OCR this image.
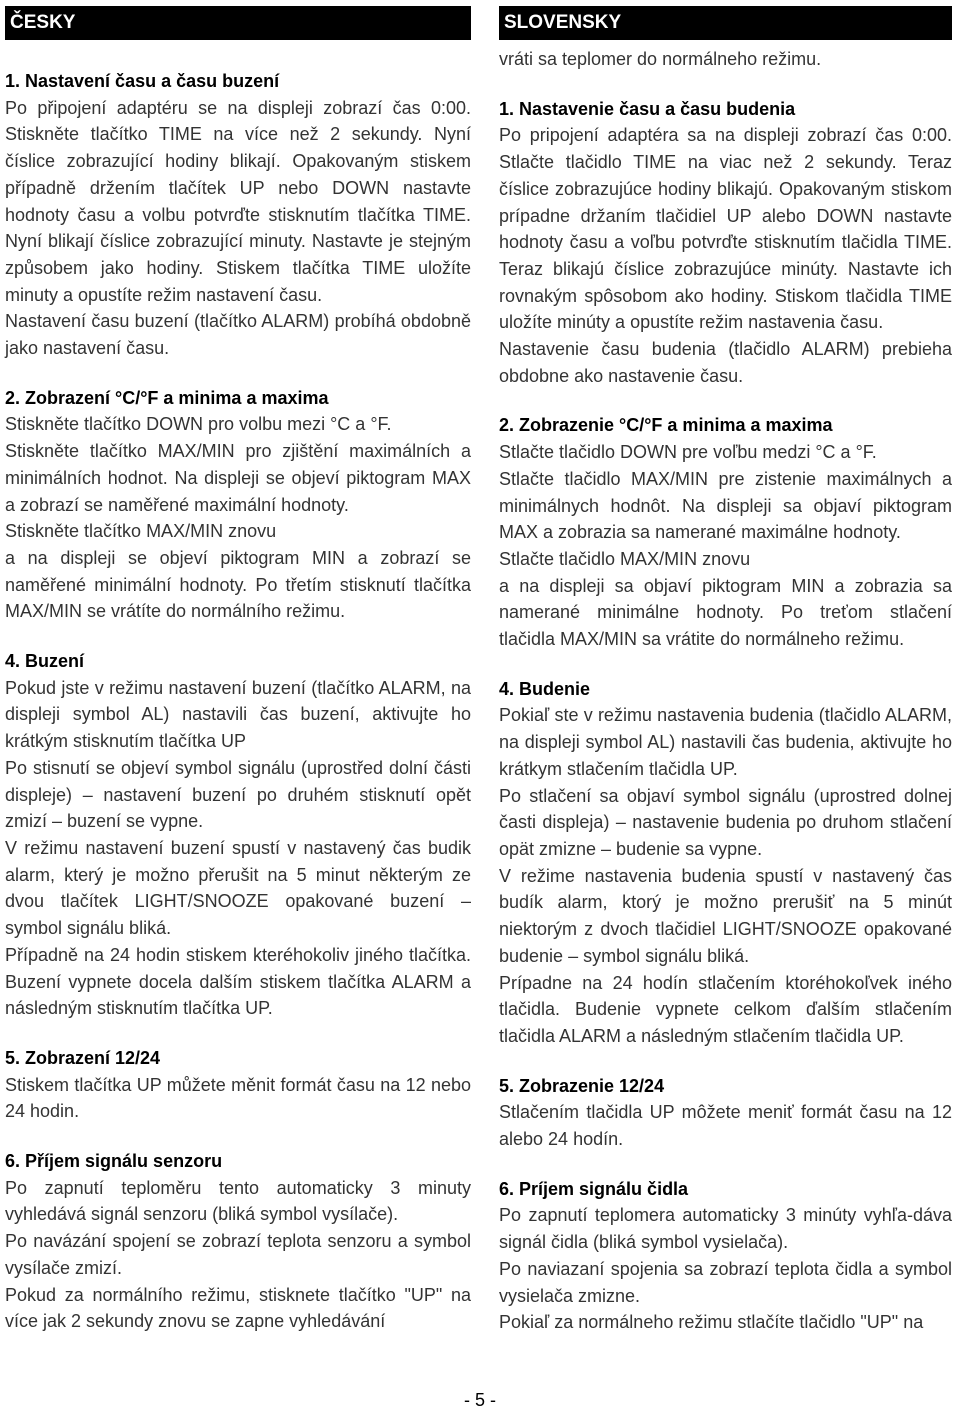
ČESKY
1. Nastavení času a času buzení
Po připojení adaptéru se na displeji zobrazí čas 0:00. Stiskněte tlačítko TIME na více než 2 sekundy. Nyní číslice zobrazující hodiny blikají. Opakovaným stiskem případně držením tlačítek UP nebo DOWN nastavte hodnoty času a volbu potvrďte stisknutím tlačítka TIME. Nyní blikají číslice zobrazující minuty. Nastavte je stejným způsobem jako hodiny. Stiskem tlačítka TIME uložíte minuty a opustíte režim nastavení času.
Nastavení času buzení (tlačítko ALARM) probíhá obdobně jako nastavení času.
2. Zobrazení °C/°F a minima a maxima
Stiskněte tlačítko DOWN pro volbu mezi °C a °F.
Stiskněte tlačítko MAX/MIN pro zjištění maximálních a minimálních hodnot. Na displeji se objeví piktogram MAX a zobrazí se naměřené maximální hodnoty.
Stiskněte tlačítko MAX/MIN znovu
a na displeji se objeví piktogram MIN a zobrazí se naměřené minimální hodnoty. Po třetím stisknutí tlačítka MAX/MIN se vrátíte do normálního režimu.
4. Buzení
Pokud jste v režimu nastavení buzení (tlačítko ALARM, na displeji symbol AL) nastavili čas buzení, aktivujte ho krátkým stisknutím tlačítka UP
Po stisnutí se objeví symbol signálu (uprostřed dolní části displeje) – nastavení buzení po druhém stisknutí opět zmizí – buzení se vypne.
V režimu nastavení buzení spustí v nastavený čas budik alarm, který je možno přerušit na 5 minut některým ze dvou tlačítek LIGHT/SNOOZE opakované buzení – symbol signálu bliká.
Případně na 24 hodin stiskem kteréhokoliv jiného tlačítka. Buzení vypnete docela dalším stiskem tlačítka ALARM a následným stisknutím tlačítka UP.
5. Zobrazení 12/24
Stiskem tlačítka UP můžete měnit formát času na 12 nebo 24 hodin.
6. Příjem signálu senzoru
Po zapnutí teploměru tento automaticky 3 minuty vyhledává signál senzoru (bliká symbol vysílače).
Po navázání spojení se zobrazí teplota senzoru a symbol vysílače zmizí.
Pokud za normálního režimu, stisknete tlačítko "UP" na více jak 2 sekundy znovu se zapne vyhledávání
SLOVENSKY
vráti sa teplomer do normálneho režimu.
1. Nastavenie času a času budenia
Po pripojení adaptéra sa na displeji zobrazí čas 0:00. Stlačte tlačidlo TIME na viac než 2 sekundy. Teraz číslice zobrazujúce hodiny blikajú. Opakovaným stiskom prípadne držaním tlačidiel UP alebo DOWN nastavte hodnoty času a voľbu potvrďte stisknutím tlačidla TIME. Teraz blikajú číslice zobrazujúce minúty. Nastavte ich rovnakým spôsobom ako hodiny. Stiskom tlačidla TIME uložíte minúty a opustíte režim nastavenia času.
Nastavenie času budenia (tlačidlo ALARM) prebieha obdobne ako nastavenie času.
2. Zobrazenie °C/°F a minima a maxima
Stlačte tlačidlo DOWN pre voľbu medzi °C a °F.
Stlačte tlačidlo MAX/MIN pre zistenie maximálnych a minimálnych hodnôt. Na displeji sa objaví piktogram MAX a zobrazia sa namerané maximálne hodnoty.
Stlačte tlačidlo MAX/MIN znovu
a na displeji sa objaví piktogram MIN a zobrazia sa namerané minimálne hodnoty. Po treťom stlačení tlačidla MAX/MIN sa vrátite do normálneho režimu.
4. Budenie
Pokiaľ ste v režimu nastavenia budenia (tlačidlo ALARM, na displeji symbol AL) nastavili čas budenia, aktivujte ho krátkym stlačením tlačidla UP.
Po stlačení sa objaví symbol signálu (uprostred dolnej časti displeja) – nastavenie budenia po druhom stlačení opät zmizne – budenie sa vypne.
V režime nastavenia budenia spustí v nastavený čas budík alarm, ktorý je možno prerušiť na 5 minút niektorým z dvoch tlačidiel LIGHT/SNOOZE opakované budenie – symbol signálu bliká.
Prípadne na 24 hodín stlačením ktoréhokoľvek iného tlačidla. Budenie vypnete celkom ďalším stlačením tlačidla ALARM a následným stlačením tlačidla UP.
5. Zobrazenie 12/24
Stlačením tlačidla UP môžete meniť formát času na 12 alebo 24 hodín.
6. Príjem signálu čidla
Po zapnutí teplomera automaticky 3 minúty vyhľa-dáva signál čidla (bliká symbol vysielača).
Po naviazaní spojenia sa zobrazí teplota čidla a symbol vysielača zmizne.
Pokiaľ za normálneho režimu stlačíte tlačidlo "UP" na
- 5 -
